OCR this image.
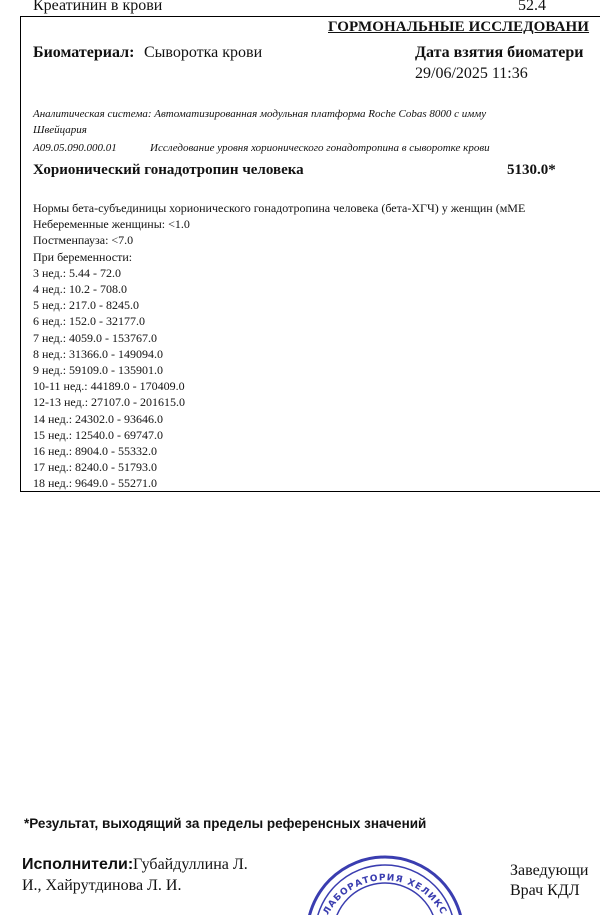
Креатинин в крови	52.4
ГОРМОНАЛЬНЫЕ ИССЛЕДОВАНИ
Биоматериал: Сыворотка крови	Дата взятия биоматери
29/06/2025 11:36
Аналитическая система: Автоматизированная модульная платформа Roche Cobas 8000 с имму
Швейцария
A09.05.090.000.01	Исследование уровня хорионического гонадотропина в сыворотке крови
Хорионический гонадотропин человека	5130.0*
Нормы бета-субъединицы хорионического гонадотропина человека (бета-ХГЧ) у женщин (мМЕ
Небеременные женщины: <1.0
Постменпауза: <7.0
При беременности:
3 нед.: 5.44 - 72.0
4 нед.: 10.2 - 708.0
5 нед.: 217.0 - 8245.0
6 нед.: 152.0 - 32177.0
7 нед.: 4059.0 - 153767.0
8 нед.: 31366.0 - 149094.0
9 нед.: 59109.0 - 135901.0
10-11 нед.: 44189.0 - 170409.0
12-13 нед.: 27107.0 - 201615.0
14 нед.: 24302.0 - 93646.0
15 нед.: 12540.0 - 69747.0
16 нед.: 8904.0 - 55332.0
17 нед.: 8240.0 - 51793.0
18 нед.: 9649.0 - 55271.0
*Результат, выходящий за пределы референсных значений
Исполнители: Губайдуллина Л.
И., Хайрутдинова Л. И.
Заведующи
Врач КДЛ
ЛАБОРАТОРИЯ ХЕЛИКС
